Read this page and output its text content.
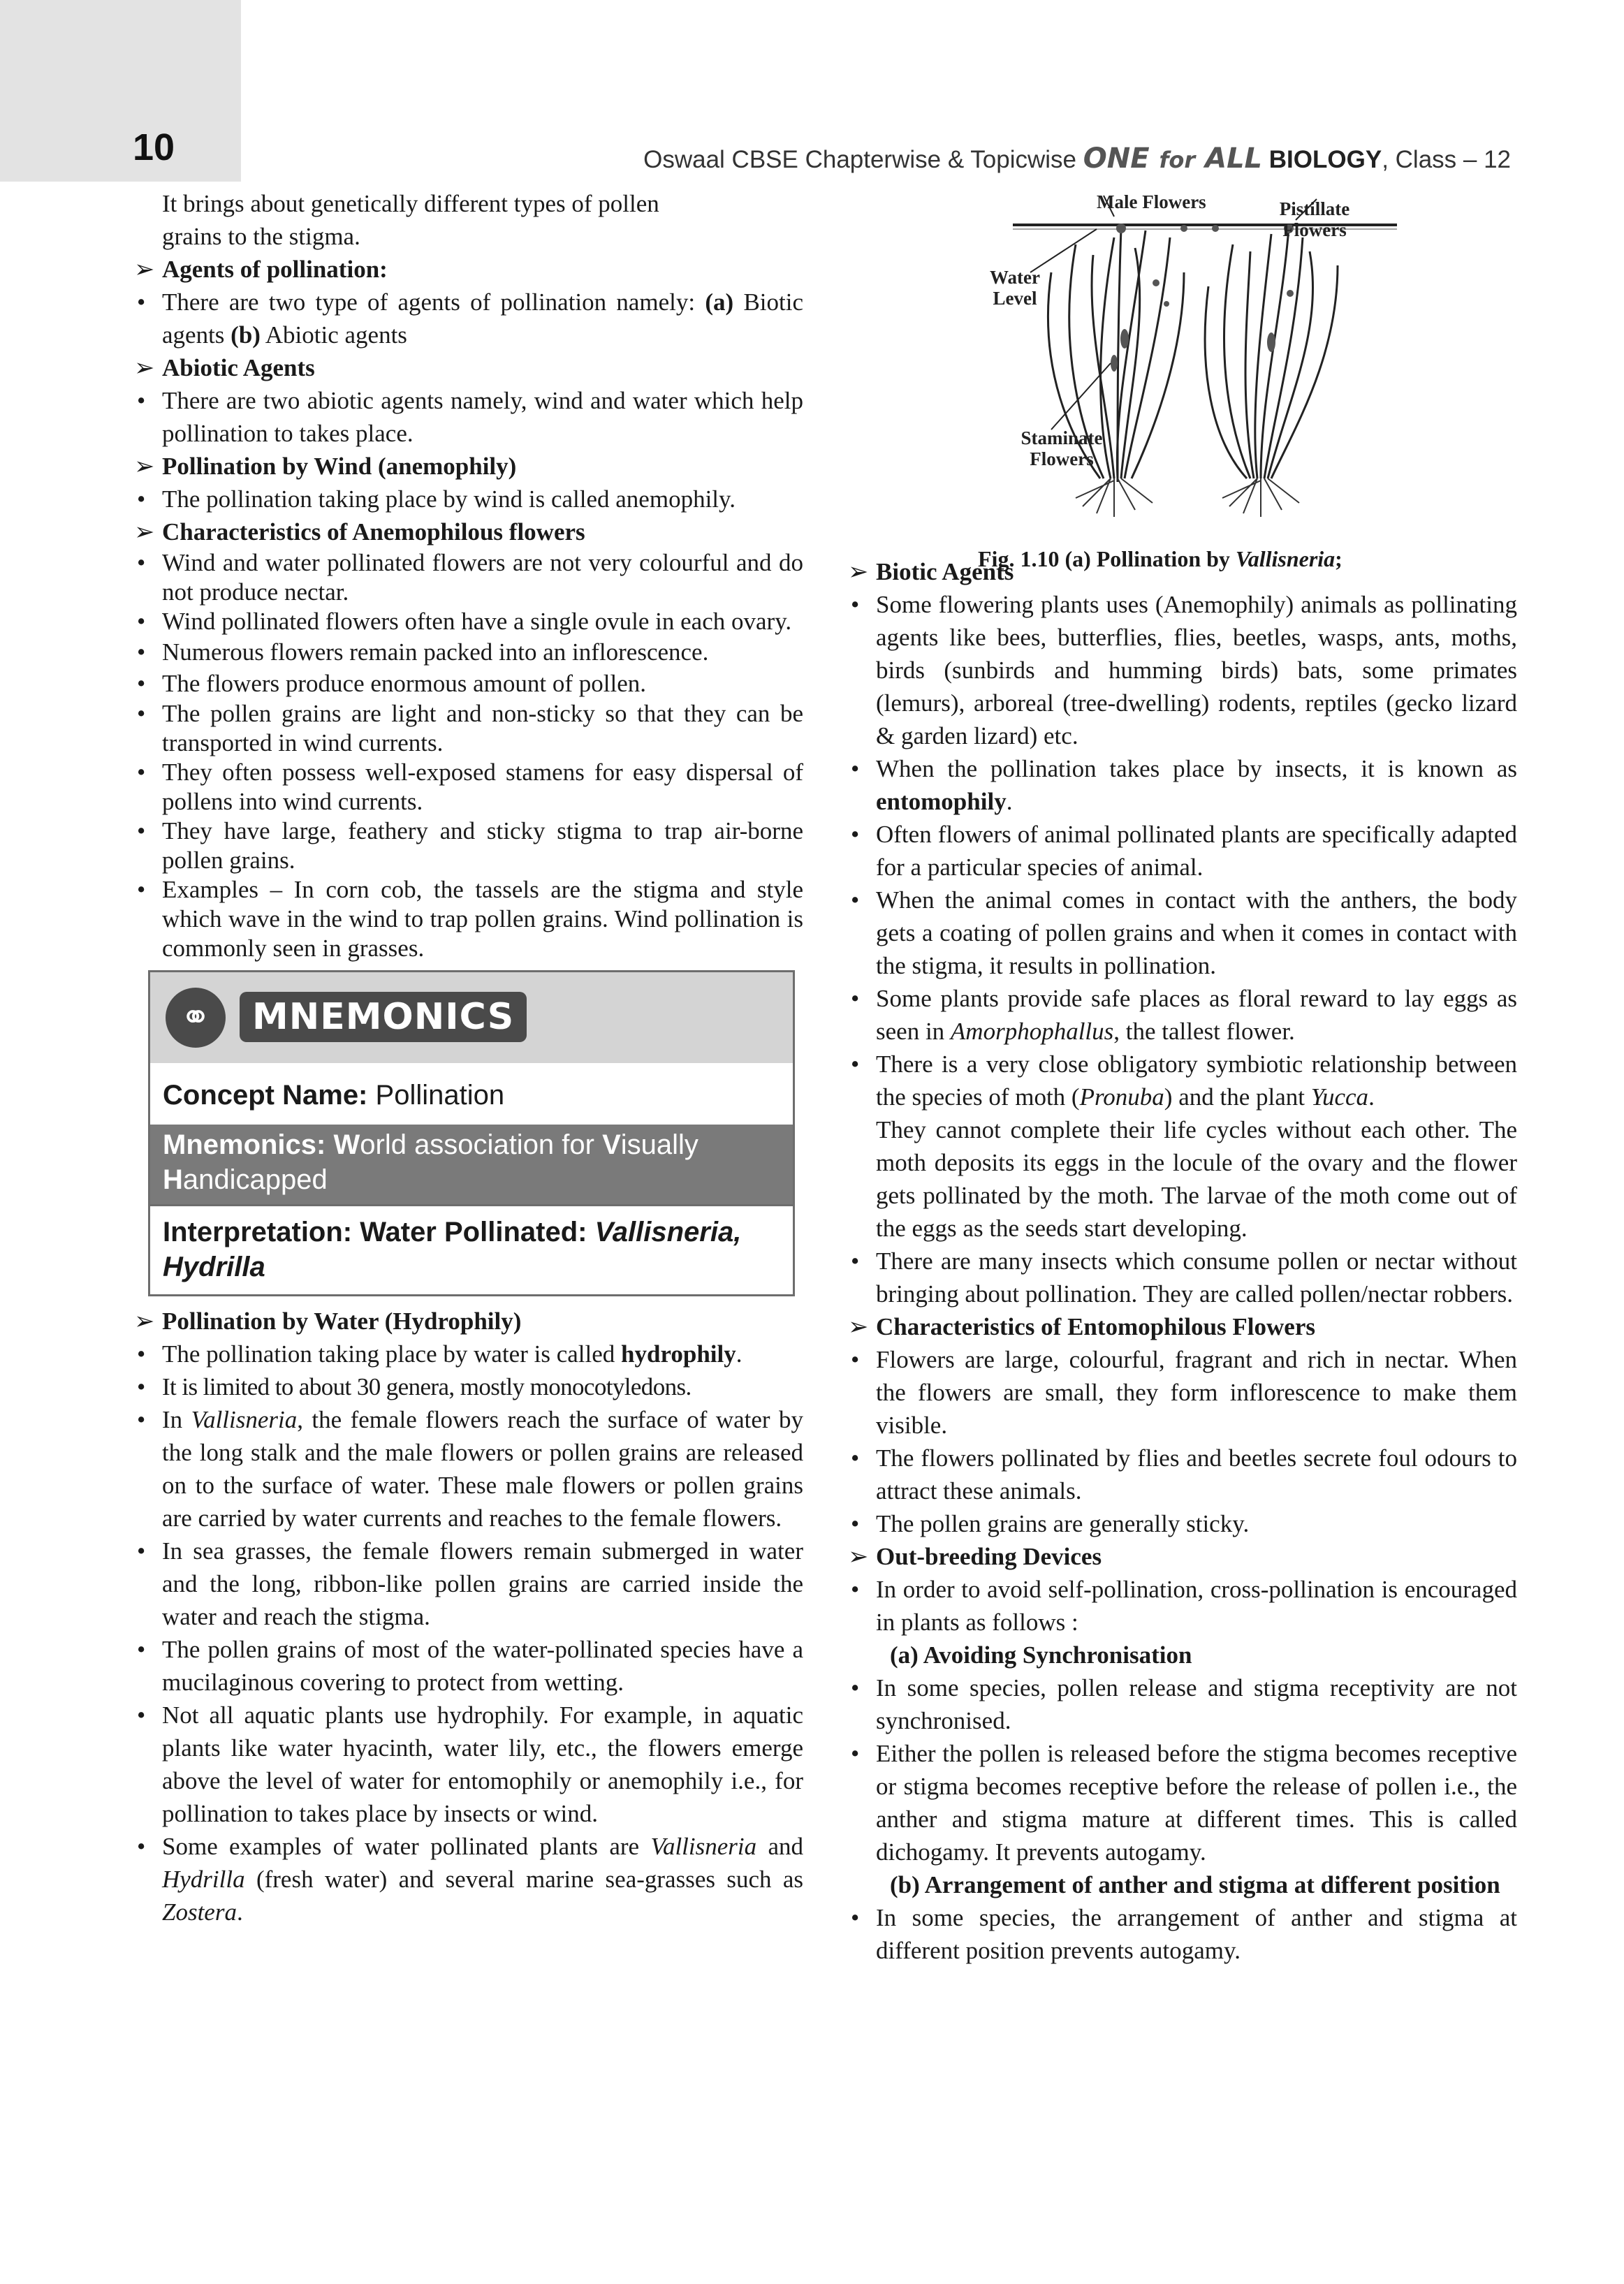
10	Oswaal CBSE Chapterwise & Topicwise ONE for ALL BIOLOGY, Class – 12
Male Flowers	Pistillate Flowers
Water Level
Staminate Flowers
Fig. 1.10 (a) Pollination by Vallisneria;

It brings about genetically different types of pollen

grains to the stigma.

➢ Agents of pollination:

• There are two type of agents of pollination namely: (a) Biotic agents (b) Abiotic agents

➢ Abiotic Agents

• There are two abiotic agents namely, wind and water which help pollination to takes place.

➢ Pollination by Wind (anemophily)

• The pollination taking place by wind is called anemophily.

➢ Characteristics of Anemophilous flowers

• Wind and water pollinated flowers are not very colourful and do not produce nectar.

• Wind pollinated flowers often have a single ovule in each ovary.

• Numerous flowers remain packed into an inflorescence.

• The flowers produce enormous amount of pollen.

• The pollen grains are light and non-sticky so that they can be transported in wind currents.

• They often possess well-exposed stamens for easy dispersal of pollens into wind currents.

• They have large, feathery and sticky stigma to trap air-borne pollen grains.

• Examples – In corn cob, the tassels are the stigma and style which wave in the wind to trap pollen grains. Wind pollination is commonly seen in grasses.

⚭	MNEMONICS
Concept Name: Pollination
Mnemonics: World association for Visually
Handicapped
Interpretation: Water Pollinated: Vallisneria, Hydrilla

➢ Pollination by Water (Hydrophily)

• The pollination taking place by water is called hydrophily.

• It is limited to about 30 genera, mostly monocotyledons.

• In Vallisneria, the female flowers reach the surface of water by the long stalk and the male flowers or pollen grains are released on to the surface of water. These male flowers or pollen grains are carried by water currents and reaches to the female flowers.

• In sea grasses, the female flowers remain submerged in water and the long, ribbon-like pollen grains are carried inside the water and reach the stigma.

• The pollen grains of most of the water-pollinated species have a mucilaginous covering to protect from wetting.

• Not all aquatic plants use hydrophily. For example, in aquatic plants like water hyacinth, water lily, etc., the flowers emerge above the level of water for entomophily or anemophily i.e., for pollination to takes place by insects or wind.

• Some examples of water pollinated plants are Vallisneria and Hydrilla (fresh water) and several marine sea-grasses such as Zostera.

➢ Biotic Agents

• Some flowering plants uses (Anemophily) animals as pollinating agents like bees, butterflies, flies, beetles, wasps, ants, moths, birds (sunbirds and humming birds) bats, some primates (lemurs), arboreal (tree-dwelling) rodents, reptiles (gecko lizard & garden lizard) etc.

• When the pollination takes place by insects, it is known as entomophily.

• Often flowers of animal pollinated plants are specifically adapted for a particular species of animal.

• When the animal comes in contact with the anthers, the body gets a coating of pollen grains and when it comes in contact with the stigma, it results in pollination.

• Some plants provide safe places as floral reward to lay eggs as seen in Amorphophallus, the tallest flower.

• There is a very close obligatory symbiotic relationship between the species of moth (Pronuba) and the plant Yucca.

They cannot complete their life cycles without each other. The moth deposits its eggs in the locule of the ovary and the flower gets pollinated by the moth. The larvae of the moth come out of the eggs as the seeds start developing.

• There are many insects which consume pollen or nectar without bringing about pollination. They are called pollen/nectar robbers.

➢ Characteristics of Entomophilous Flowers

• Flowers are large, colourful, fragrant and rich in nectar. When the flowers are small, they form inflorescence to make them visible.

• The flowers pollinated by flies and beetles secrete foul odours to attract these animals.

• The pollen grains are generally sticky.

➢ Out-breeding Devices

• In order to avoid self-pollination, cross-pollination is encouraged in plants as follows :

(a) Avoiding Synchronisation

• In some species, pollen release and stigma receptivity are not synchronised.

• Either the pollen is released before the stigma becomes receptive or stigma becomes receptive before the release of pollen i.e., the anther and stigma mature at different times. This is called dichogamy. It prevents autogamy.

(b) Arrangement of anther and stigma at different position

• In some species, the arrangement of anther and stigma at different position prevents autogamy.
